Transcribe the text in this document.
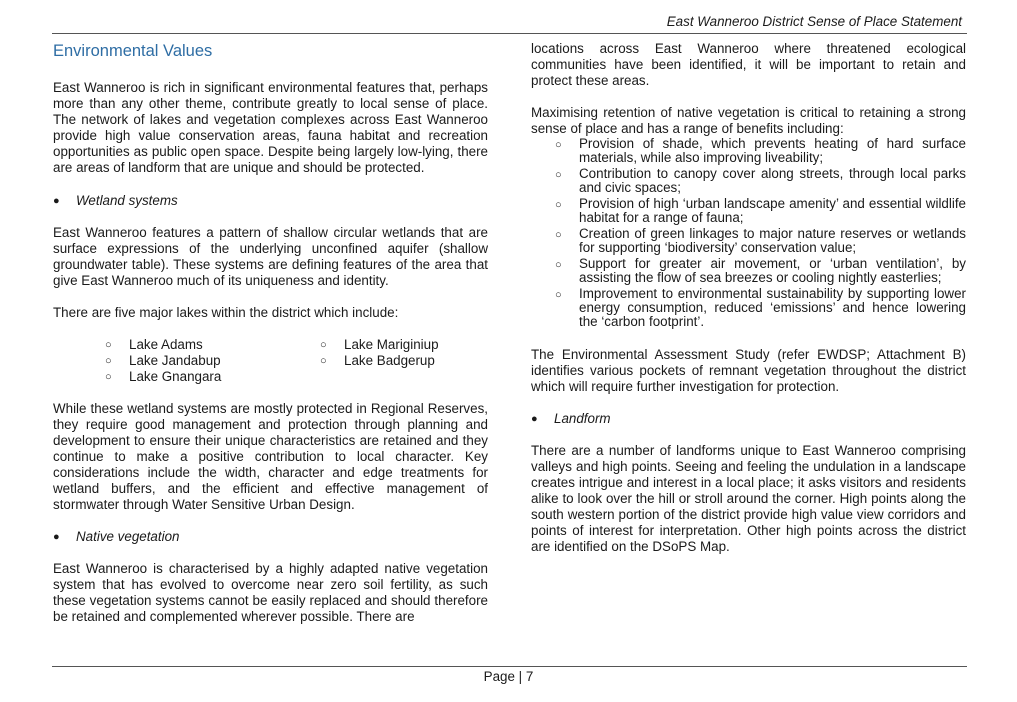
East Wanneroo District Sense of Place Statement
Environmental Values

East Wanneroo is rich in significant environmental features that, perhaps more than any other theme, contribute greatly to local sense of place. The network of lakes and vegetation complexes across East Wanneroo provide high value conservation areas, fauna habitat and recreation opportunities as public open space. Despite being largely low-lying, there are areas of landform that are unique and should be protected.

●	Wetland systems

East Wanneroo features a pattern of shallow circular wetlands that are surface expressions of the underlying unconfined aquifer (shallow groundwater table). These systems are defining features of the area that give East Wanneroo much of its uniqueness and identity.

There are five major lakes within the district which include:

○	Lake Adams	○	Lake Mariginiup
○	Lake Jandabup	○	Lake Badgerup
○	Lake Gnangara

While these wetland systems are mostly protected in Regional Reserves, they require good management and protection through planning and development to ensure their unique characteristics are retained and they continue to make a positive contribution to local character. Key considerations include the width, character and edge treatments for wetland buffers, and the efficient and effective management of stormwater through Water Sensitive Urban Design.

●	Native vegetation

East Wanneroo is characterised by a highly adapted native vegetation system that has evolved to overcome near zero soil fertility, as such these vegetation systems cannot be easily replaced and should therefore be retained and complemented wherever possible. There are

locations across East Wanneroo where threatened ecological communities have been identified, it will be important to retain and protect these areas.

Maximising retention of native vegetation is critical to retaining a strong sense of place and has a range of benefits including:

○	Provision of shade, which prevents heating of hard surface materials, while also improving liveability;
○	Contribution to canopy cover along streets, through local parks and civic spaces;
○	Provision of high ‘urban landscape amenity’ and essential wildlife habitat for a range of fauna;
○	Creation of green linkages to major nature reserves or wetlands for supporting ‘biodiversity’ conservation value;
○	Support for greater air movement, or ‘urban ventilation’, by assisting the flow of sea breezes or cooling nightly easterlies;
○	Improvement to environmental sustainability by supporting lower energy consumption, reduced ‘emissions’ and hence lowering the ‘carbon footprint’.

The Environmental Assessment Study (refer EWDSP; Attachment B) identifies various pockets of remnant vegetation throughout the district which will require further investigation for protection.

●	Landform

There are a number of landforms unique to East Wanneroo comprising valleys and high points. Seeing and feeling the undulation in a landscape creates intrigue and interest in a local place; it asks visitors and residents alike to look over the hill or stroll around the corner. High points along the south western portion of the district provide high value view corridors and points of interest for interpretation. Other high points across the district are identified on the DSoPS Map.

Page | 7
